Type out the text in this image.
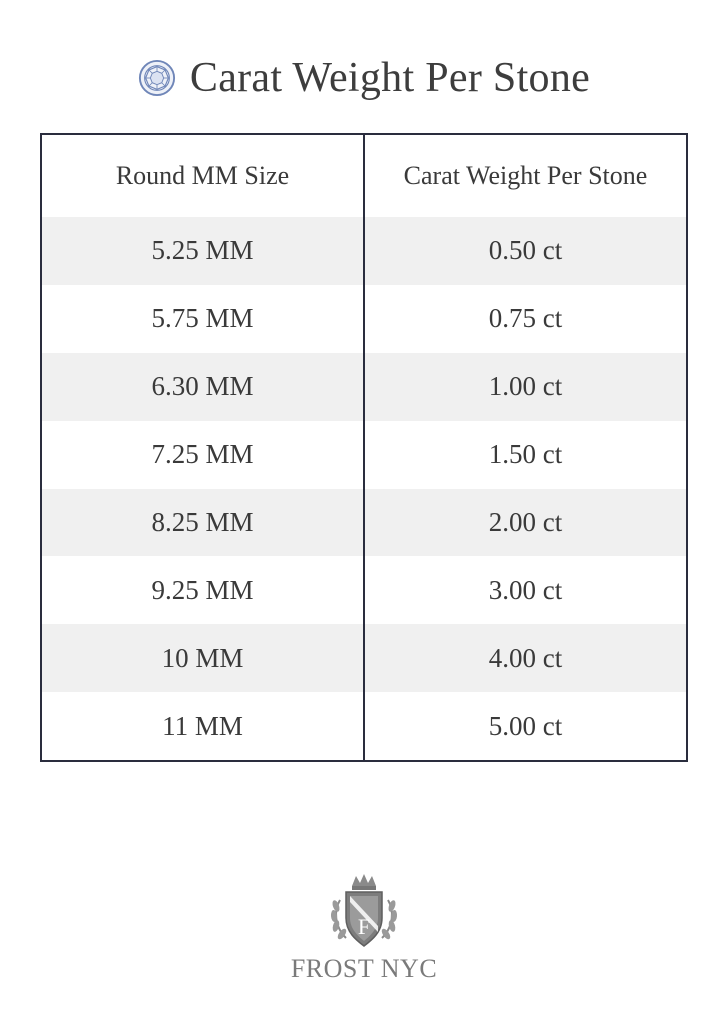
Carat Weight Per Stone
Round MM Size	Carat Weight Per Stone
5.25 MM	0.50 ct
5.75 MM	0.75 ct
6.30 MM	1.00 ct
7.25 MM	1.50 ct
8.25 MM	2.00 ct
9.25 MM	3.00 ct
10 MM	4.00 ct
11 MM	5.00 ct
F
FROST NYC
